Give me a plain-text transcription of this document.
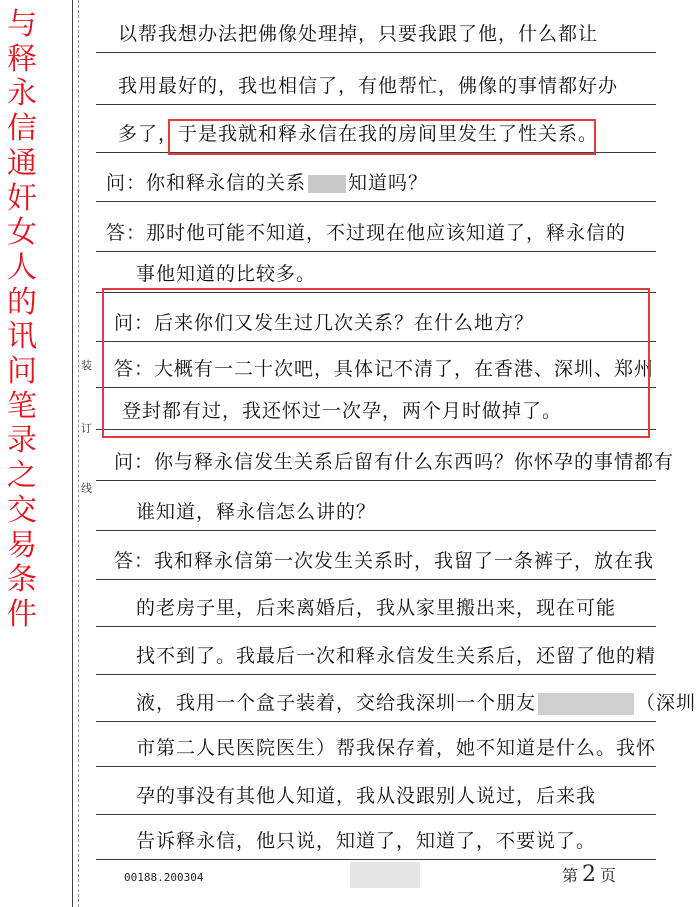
与
释
永
信
通
奸
女
人
的
讯
问
笔
录
之
交
易
条
件
装
订
线
以帮我想办法把佛像处理掉，只要我跟了他，什么都让
我用最好的，我也相信了，有他帮忙，佛像的事情都好办
多了，于是我就和释永信在我的房间里发生了性关系。
问：你和释永信的关系 知道吗？
答：那时他可能不知道，不过现在他应该知道了，释永信的
事他知道的比较多。
问：后来你们又发生过几次关系？在什么地方？
答：大概有一二十次吧，具体记不清了，在香港、深圳、郑州
登封都有过，我还怀过一次孕，两个月时做掉了。
问：你与释永信发生关系后留有什么东西吗？你怀孕的事情都有
谁知道，释永信怎么讲的？
答：我和释永信第一次发生关系时，我留了一条裤子，放在我
的老房子里，后来离婚后，我从家里搬出来，现在可能
找不到了。我最后一次和释永信发生关系后，还留了他的精
液，我用一个盒子装着，交给我深圳一个朋友	（深圳
市第二人民医院医生）帮我保存着，她不知道是什么。我怀
孕的事没有其他人知道，我从没跟别人说过，后来我
告诉释永信，他只说，知道了，知道了，不要说了。
00188.200304	第 2 页
